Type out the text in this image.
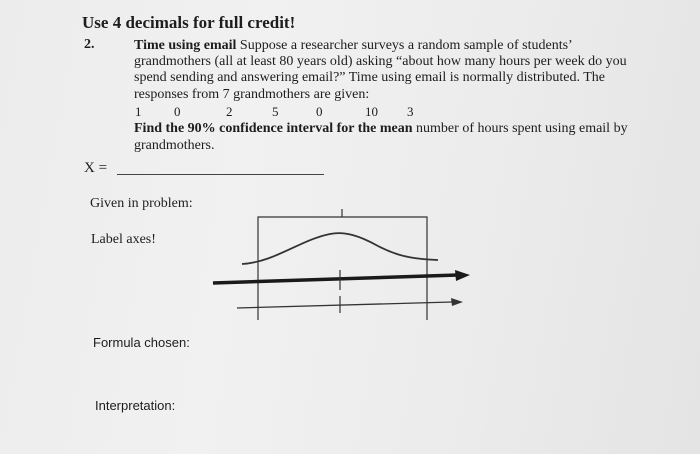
Use 4 decimals for full credit!
2.	Time using email Suppose a researcher surveys a random sample of students’
grandmothers (all at least 80 years old) asking “about how many hours per week do you
spend sending and answering email?” Time using email is normally distributed. The
responses from 7 grandmothers are given:
1	0	2	5	0	10 3
Find the 90% confidence interval for the mean number of hours spent using email by
grandmothers.
X =
Given in problem:
Label axes!
Formula chosen:
Interpretation:
